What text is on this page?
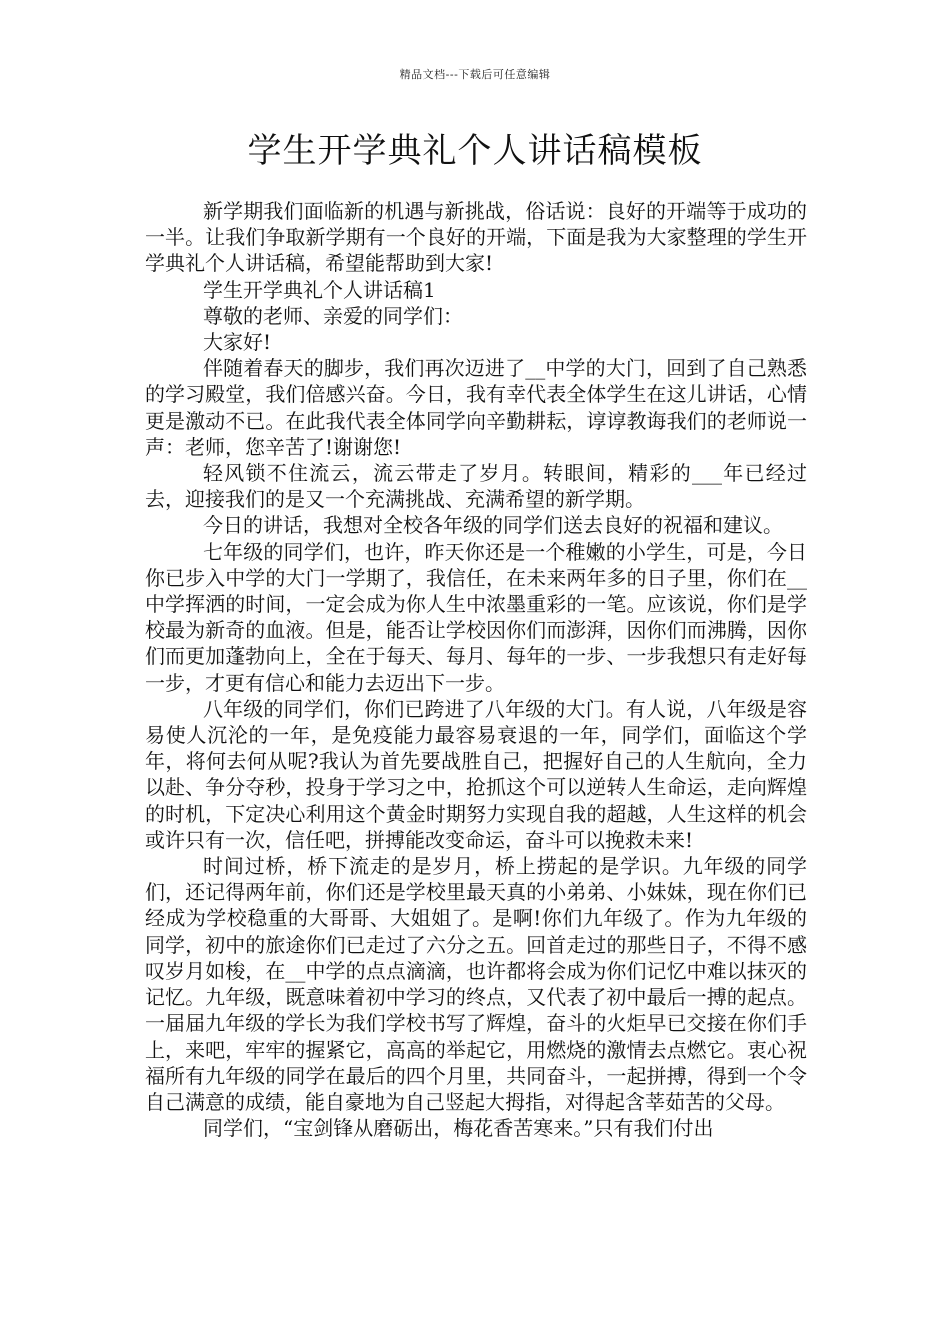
精品文档---下载后可任意编辑
学生开学典礼个人讲话稿模板

新学期我们面临新的机遇与新挑战，俗话说：良好的开端等于成功的一半。让我们争取新学期有一个良好的开端，下面是我为大家整理的学生开学典礼个人讲话稿，希望能帮助到大家!

学生开学典礼个人讲话稿1

尊敬的老师、亲爱的同学们：

大家好!

伴随着春天的脚步，我们再次迈进了__中学的大门，回到了自己熟悉的学习殿堂，我们倍感兴奋。今日，我有幸代表全体学生在这儿讲话，心情更是激动不已。在此我代表全体同学向辛勤耕耘，谆谆教诲我们的老师说一声：老师，您辛苦了!谢谢您!

轻风锁不住流云，流云带走了岁月。转眼间，精彩的___年已经过去，迎接我们的是又一个充满挑战、充满希望的新学期。

今日的讲话，我想对全校各年级的同学们送去良好的祝福和建议。

七年级的同学们，也许，昨天你还是一个稚嫩的小学生，可是，今日你已步入中学的大门一学期了，我信任，在未来两年多的日子里，你们在__中学挥洒的时间，一定会成为你人生中浓墨重彩的一笔。应该说，你们是学校最为新奇的血液。但是，能否让学校因你们而澎湃，因你们而沸腾，因你们而更加蓬勃向上，全在于每天、每月、每年的一步、一步我想只有走好每一步，才更有信心和能力去迈出下一步。

八年级的同学们，你们已跨进了八年级的大门。有人说，八年级是容易使人沉沦的一年，是免疫能力最容易衰退的一年，同学们，面临这个学年，将何去何从呢?我认为首先要战胜自己，把握好自己的人生航向，全力以赴、争分夺秒，投身于学习之中，抢抓这个可以逆转人生命运，走向辉煌的时机，下定决心利用这个黄金时期努力实现自我的超越，人生这样的机会或许只有一次，信任吧，拼搏能改变命运，奋斗可以挽救未来!

时间过桥，桥下流走的是岁月，桥上捞起的是学识。九年级的同学们，还记得两年前，你们还是学校里最天真的小弟弟、小妹妹，现在你们已经成为学校稳重的大哥哥、大姐姐了。是啊!你们九年级了。作为九年级的同学，初中的旅途你们已走过了六分之五。回首走过的那些日子，不得不感叹岁月如梭，在__中学的点点滴滴，也许都将会成为你们记忆中难以抹灭的记忆。九年级，既意味着初中学习的终点，又代表了初中最后一搏的起点。一届届九年级的学长为我们学校书写了辉煌，奋斗的火炬早已交接在你们手上，来吧，牢牢的握紧它，高高的举起它，用燃烧的激情去点燃它。衷心祝福所有九年级的同学在最后的四个月里，共同奋斗，一起拼搏，得到一个令自己满意的成绩，能自豪地为自己竖起大拇指，对得起含莘茹苦的父母。

同学们，“宝剑锋从磨砺出，梅花香苦寒来。”只有我们付出
